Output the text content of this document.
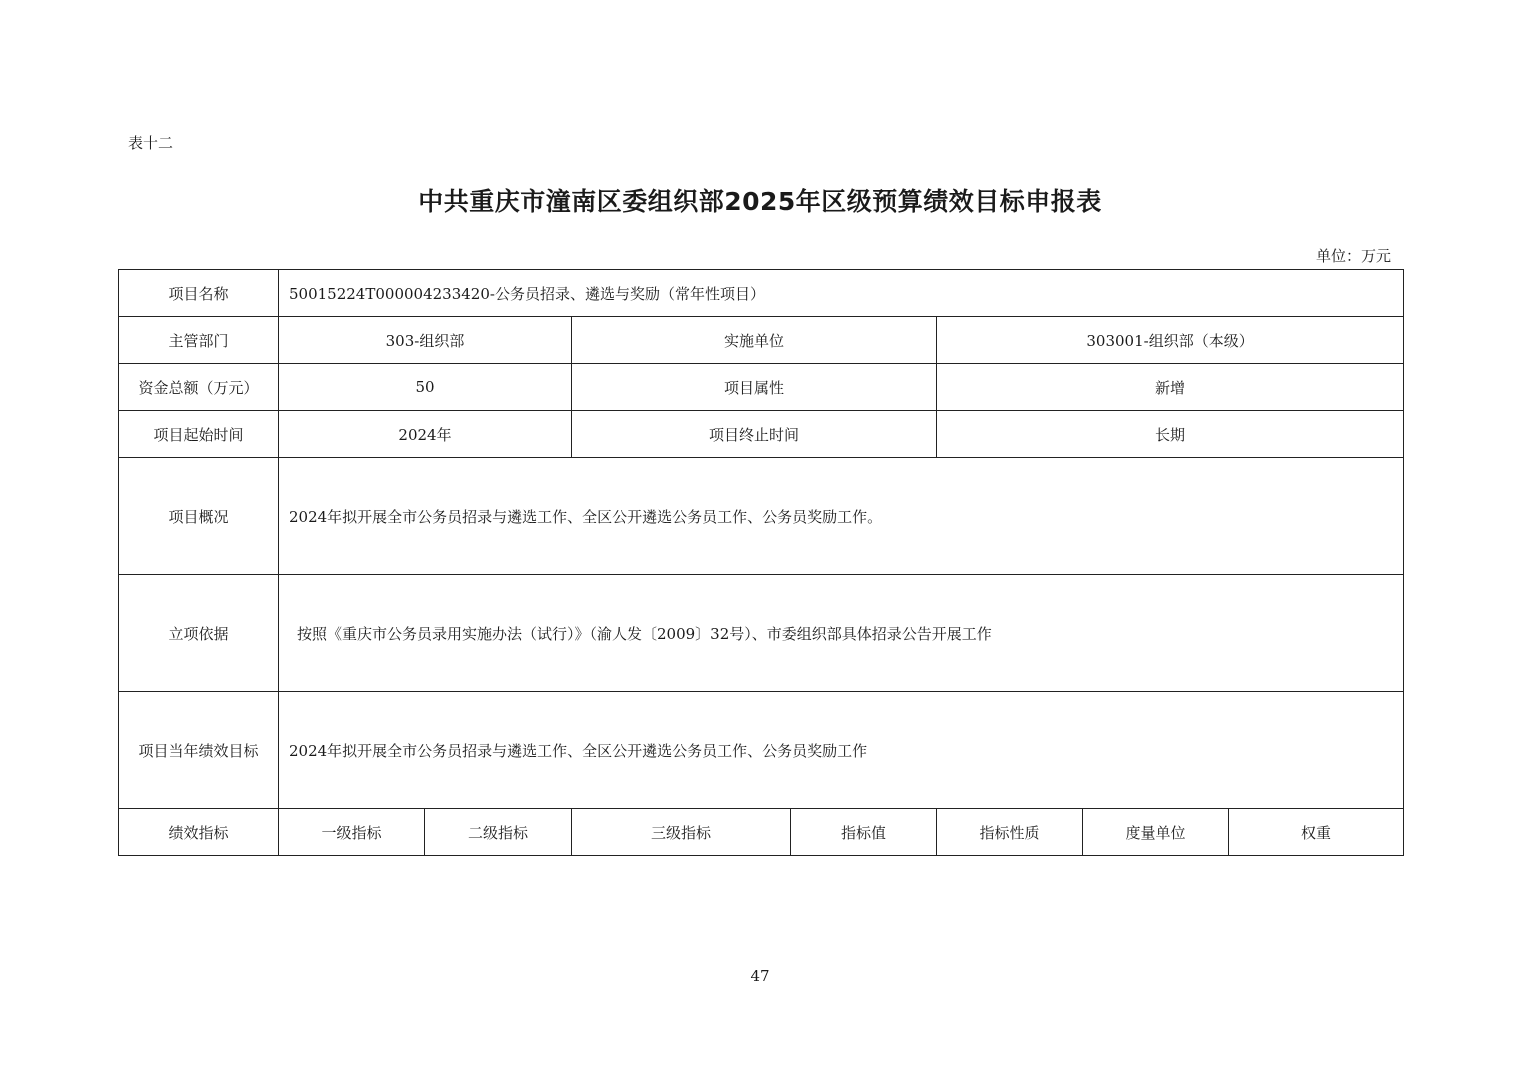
表十二
中共重庆市潼南区委组织部2025年区级预算绩效目标申报表
单位：万元
项目名称	50015224T000004233420-公务员招录、遴选与奖励（常年性项目）						
主管部门	303-组织部		实施单位		303001-组织部（本级）		
资金总额（万元）	50		项目属性		新增		
项目起始时间	2024年		项目终止时间		长期		
项目概况	2024年拟开展全市公务员招录与遴选工作、全区公开遴选公务员工作、公务员奖励工作。						
立项依据	按照《重庆市公务员录用实施办法（试行）》（渝人发〔2009〕32号）、市委组织部具体招录公告开展工作						
项目当年绩效目标	2024年拟开展全市公务员招录与遴选工作、全区公开遴选公务员工作、公务员奖励工作						
绩效指标	一级指标	二级指标	三级指标	指标值	指标性质	度量单位	权重
47
